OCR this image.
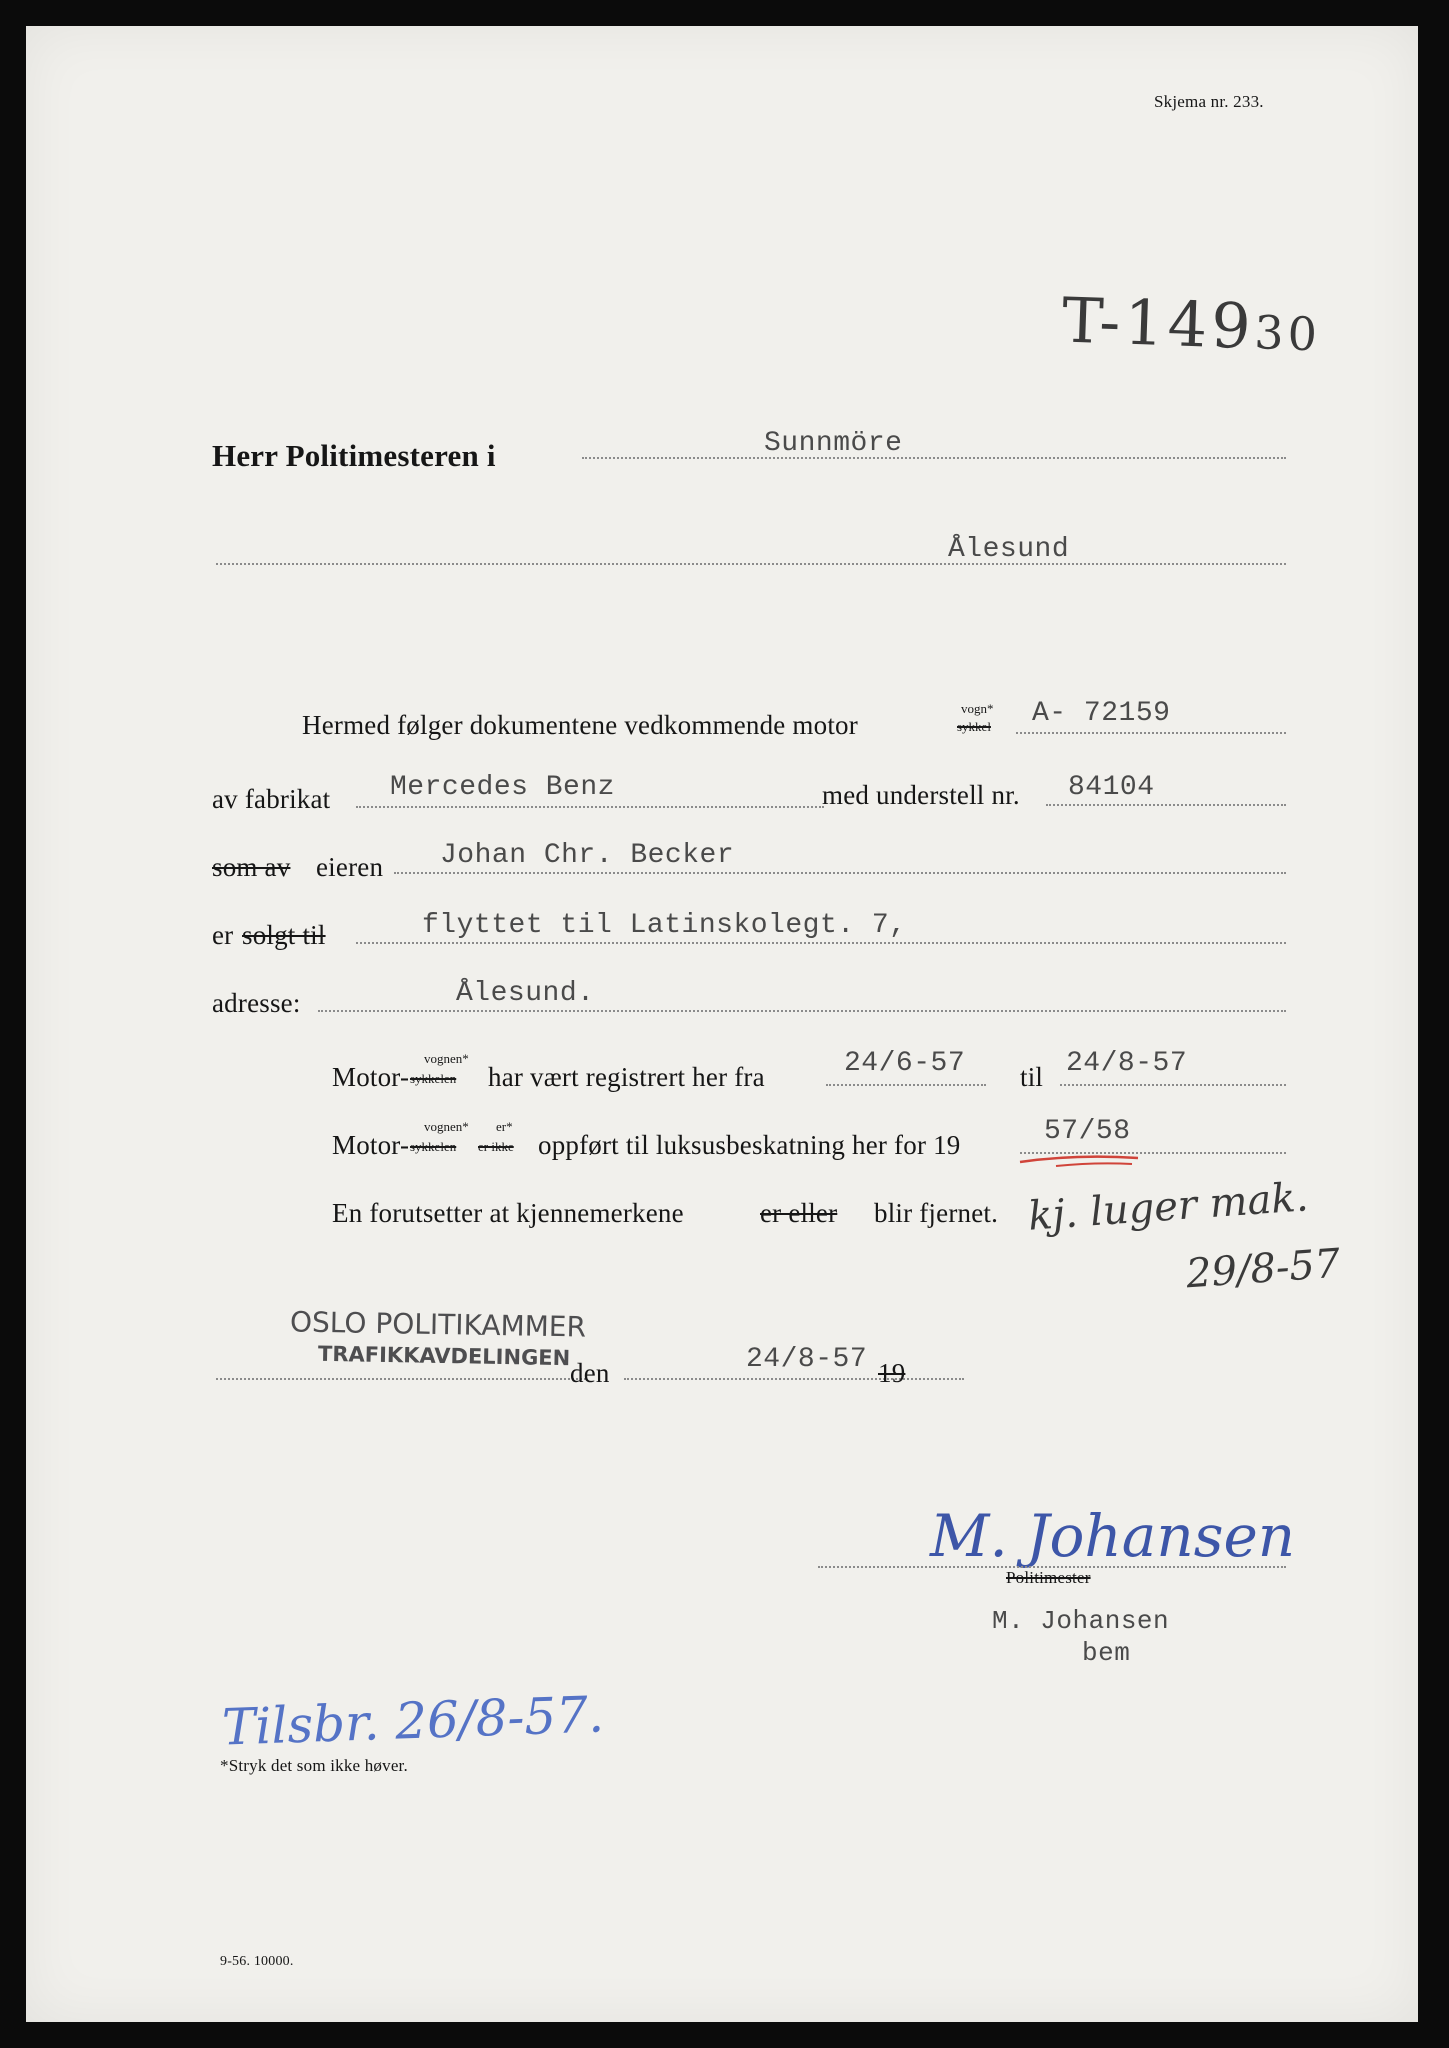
Skjema nr. 233.
T-14930
Herr Politimesteren i	Sunnmöre
Ålesund
Hermed følger dokumentene vedkommende motor
vogn*
sykkel A- 72159
av fabrikat Mercedes Benz	med understell nr. 84104
som av eieren Johan Chr. Becker
er solgt til	flyttet til Latinskolegt. 7,
adresse:	Ålesund.
Motor-
vognen*
sykkelen har vært registrert her fra	24/6-57 til 24/8-57
Motor-
vognen* er*
sykkelen er ikke oppført til luksusbeskatning her for 19	57/58
En forutsetter at kjennemerkene	er eller blir fjernet. kj. luger mak.
29/8-57
OSLO POLITIKAMMER
TRAFIKKAVDELINGEN
den	24/8-57 19
M. Johansen
Politimester
M. Johansen
bem
Tilsbr. 26/8-57.
*Stryk det som ikke høver.
9-56. 10000.
